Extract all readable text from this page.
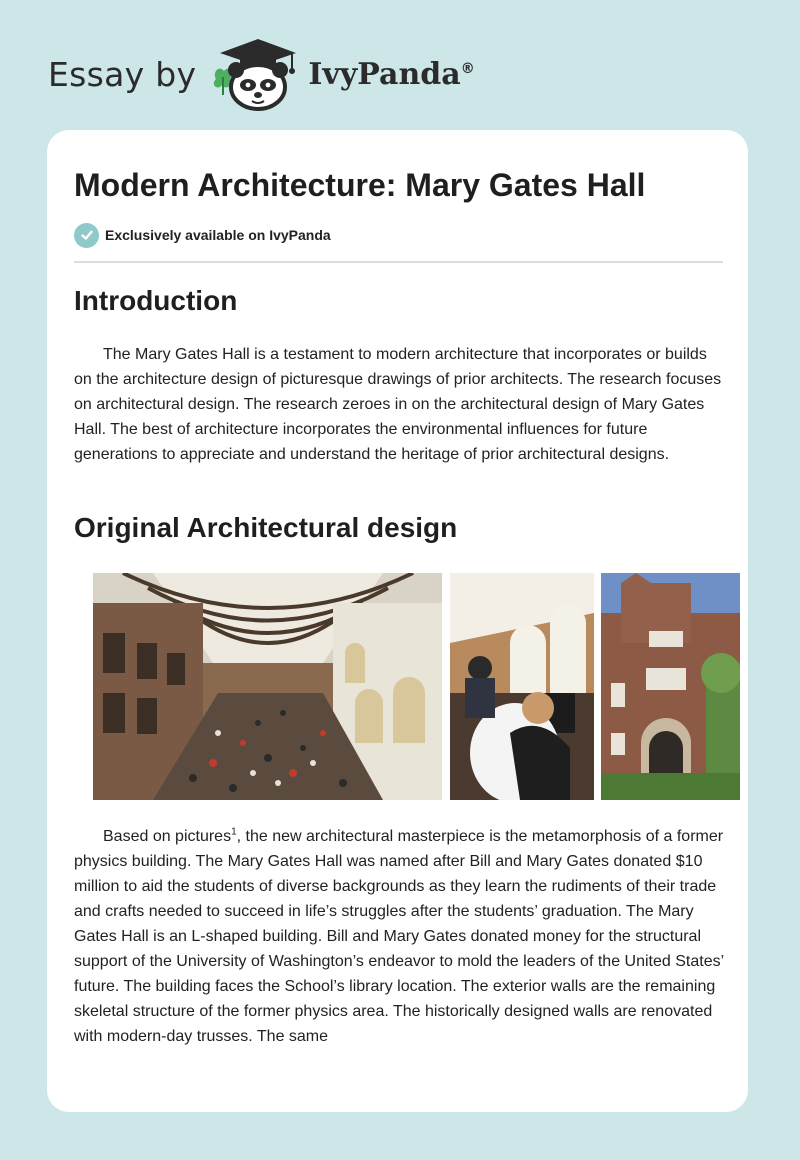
Essay by	IvyPanda®
Modern Architecture: Mary Gates Hall
Exclusively available on IvyPanda
Introduction

The Mary Gates Hall is a testament to modern architecture that incorporates or builds on the architecture design of picturesque drawings of prior architects. The research focuses on architectural design. The research zeroes in on the architectural design of Mary Gates Hall. The best of architecture incorporates the environmental influences for future generations to appreciate and understand the heritage of prior architectural designs.

Original Architectural design

Based on pictures$^1$, the new architectural masterpiece is the metamorphosis of a former physics building. The Mary Gates Hall was named after Bill and Mary Gates donated $10 million to aid the students of diverse backgrounds as they learn the rudiments of their trade and crafts needed to succeed in life’s struggles after the students’ graduation. The Mary Gates Hall is an L-shaped building. Bill and Mary Gates donated money for the structural support of the University of Washington’s endeavor to mold the leaders of the United States’ future. The building faces the School’s library location. The exterior walls are the remaining skeletal structure of the former physics area. The historically designed walls are renovated with modern-day trusses. The same
